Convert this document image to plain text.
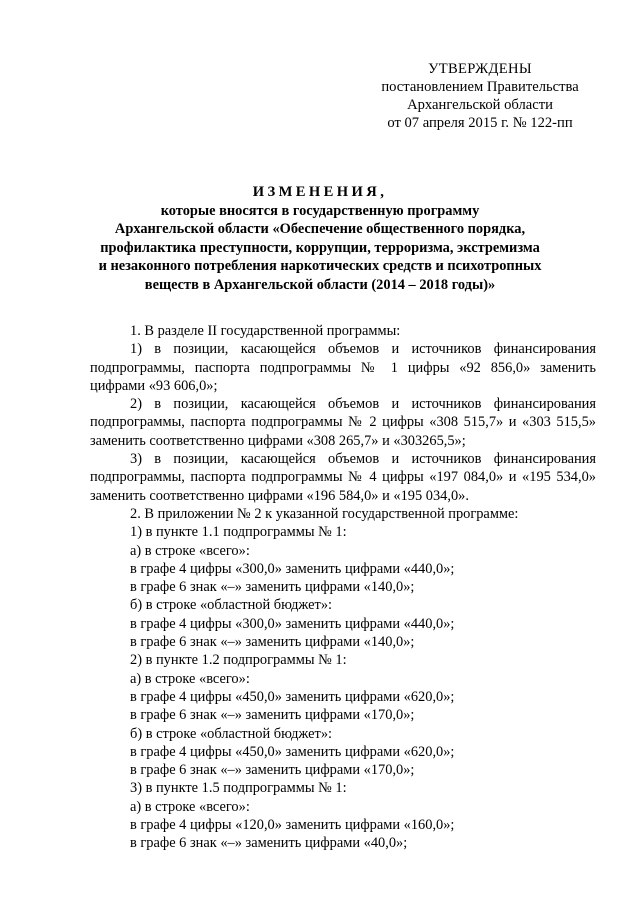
УТВЕРЖДЕНЫ
постановлением Правительства
Архангельской области
от 07 апреля 2015 г. № 122-пп
ИЗМЕНЕНИЯ,
которые вносятся в государственную программу
Архангельской области «Обеспечение общественного порядка,
профилактика преступности, коррупции, терроризма, экстремизма
и незаконного потребления наркотических средств и психотропных
веществ в Архангельской области (2014 – 2018 годы)»
1. В разделе II государственной программы:
1) в позиции, касающейся объемов и источников финансирования
подпрограммы, паспорта подпрограммы № 1 цифры «92 856,0» заменить
цифрами «93 606,0»;
2) в позиции, касающейся объемов и источников финансирования
подпрограммы, паспорта подпрограммы № 2 цифры «308 515,7» и «303 515,5»
заменить соответственно цифрами «308 265,7» и «303265,5»;
3) в позиции, касающейся объемов и источников финансирования
подпрограммы, паспорта подпрограммы № 4 цифры «197 084,0» и «195 534,0»
заменить соответственно цифрами «196 584,0» и «195 034,0».
2. В приложении № 2 к указанной государственной программе:
1) в пункте 1.1 подпрограммы № 1:
а) в строке «всего»:
в графе 4 цифры «300,0» заменить цифрами «440,0»;
в графе 6 знак «–» заменить цифрами «140,0»;
б) в строке «областной бюджет»:
в графе 4 цифры «300,0» заменить цифрами «440,0»;
в графе 6 знак «–» заменить цифрами «140,0»;
2) в пункте 1.2 подпрограммы № 1:
а) в строке «всего»:
в графе 4 цифры «450,0» заменить цифрами «620,0»;
в графе 6 знак «–» заменить цифрами «170,0»;
б) в строке «областной бюджет»:
в графе 4 цифры «450,0» заменить цифрами «620,0»;
в графе 6 знак «–» заменить цифрами «170,0»;
3) в пункте 1.5 подпрограммы № 1:
а) в строке «всего»:
в графе 4 цифры «120,0» заменить цифрами «160,0»;
в графе 6 знак «–» заменить цифрами «40,0»;
